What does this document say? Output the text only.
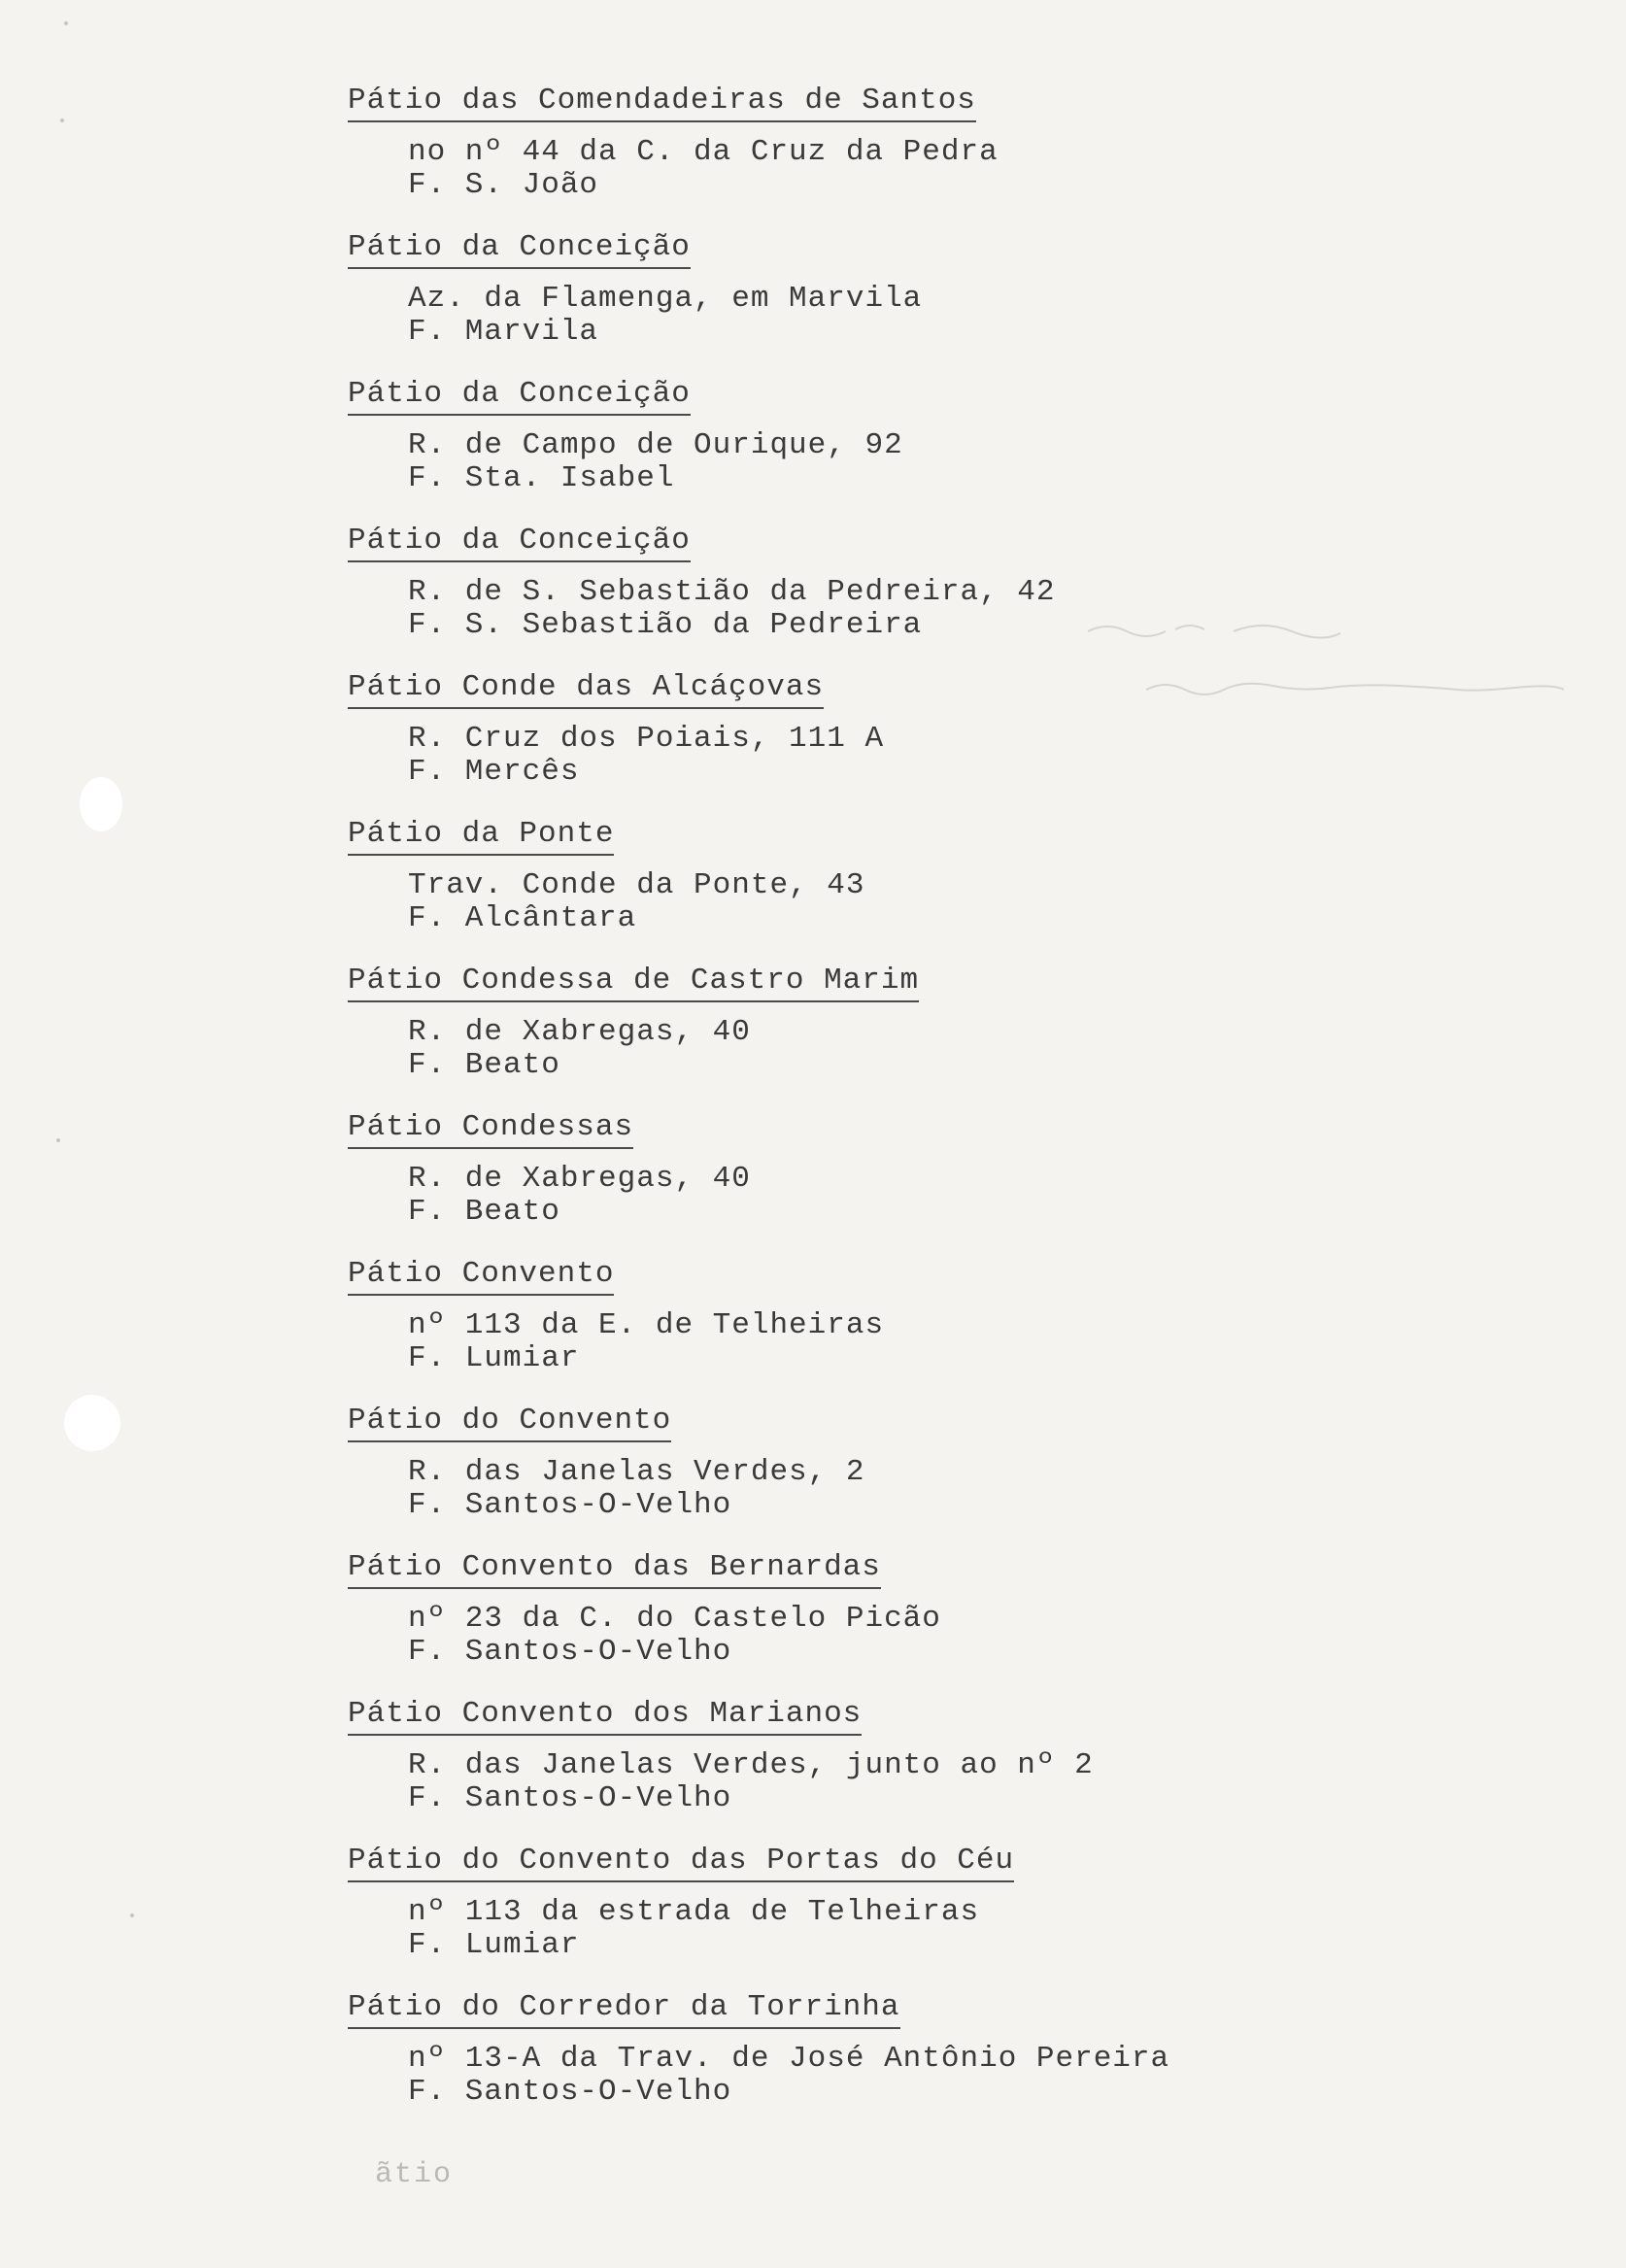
Pátio das Comendadeiras de Santos
no nº 44 da C. da Cruz da Pedra
F. S. João
Pátio da Conceição
Az. da Flamenga, em Marvila
F. Marvila
Pátio da Conceição
R. de Campo de Ourique, 92
F. Sta. Isabel
Pátio da Conceição
R. de S. Sebastião da Pedreira, 42
F. S. Sebastião da Pedreira
Pátio Conde das Alcáçovas
R. Cruz dos Poiais, 111 A
F. Mercês
Pátio da Ponte
Trav. Conde da Ponte, 43
F. Alcântara
Pátio Condessa de Castro Marim
R. de Xabregas, 40
F. Beato
Pátio Condessas
R. de Xabregas, 40
F. Beato
Pátio Convento
nº 113 da E. de Telheiras
F. Lumiar
Pátio do Convento
R. das Janelas Verdes, 2
F. Santos-O-Velho
Pátio Convento das Bernardas
nº 23 da C. do Castelo Picão
F. Santos-O-Velho
Pátio Convento dos Marianos
R. das Janelas Verdes, junto ao nº 2
F. Santos-O-Velho
Pátio do Convento das Portas do Céu
nº 113 da estrada de Telheiras
F. Lumiar
Pátio do Corredor da Torrinha
nº 13-A da Trav. de José Antônio Pereira
F. Santos-O-Velho
ãtio
